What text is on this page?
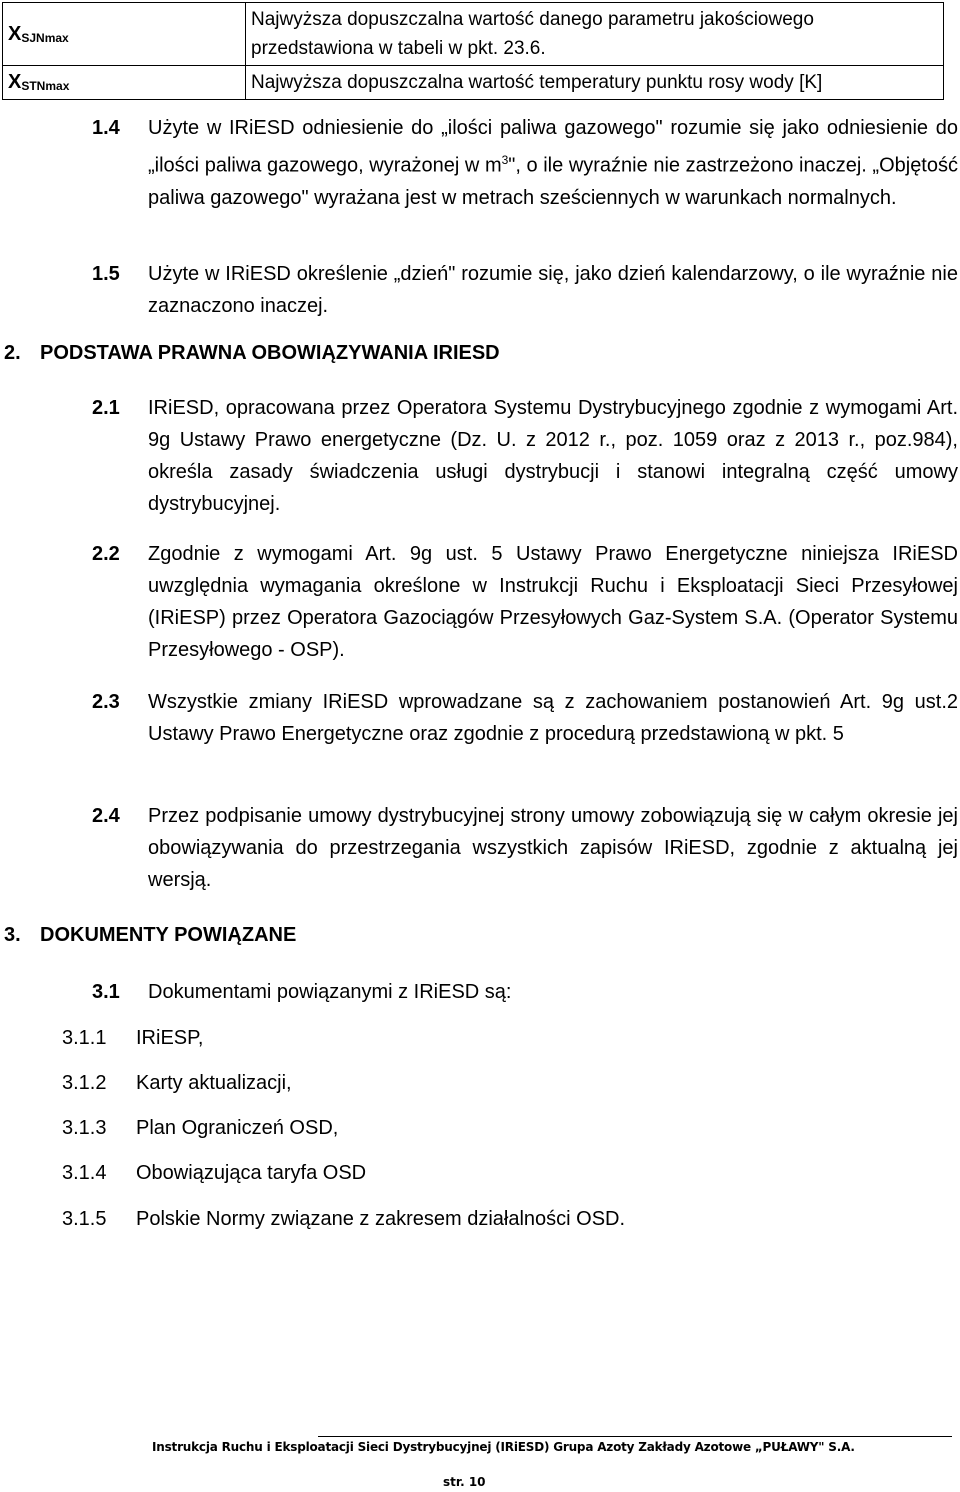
$X_{SJNmax}$	Najwyższa dopuszczalna wartość danego parametru jakościowego przedstawiona w tabeli w pkt. 23.6.
$X_{STNmax}$	Najwyższa dopuszczalna wartość temperatury punktu rosy wody [K]
1.4 Użyte w IRiESD odniesienie do „ilości paliwa gazowego" rozumie się jako odniesienie do „ilości paliwa gazowego, wyrażonej w $m^3$", o ile wyraźnie nie zastrzeżono inaczej. „Objętość paliwa gazowego" wyrażana jest w metrach sześciennych w warunkach normalnych.
1.5 Użyte w IRiESD określenie „dzień" rozumie się, jako dzień kalendarzowy, o ile wyraźnie nie zaznaczono inaczej.
2. PODSTAWA PRAWNA OBOWIĄZYWANIA IRIESD
2.1 IRiESD, opracowana przez Operatora Systemu Dystrybucyjnego zgodnie z wymogami Art. 9g Ustawy Prawo energetyczne (Dz. U. z 2012 r., poz. 1059 oraz z 2013 r., poz.984), określa zasady świadczenia usługi dystrybucji i stanowi integralną część umowy dystrybucyjnej.
2.2 Zgodnie z wymogami Art. 9g ust. 5 Ustawy Prawo Energetyczne niniejsza IRiESD uwzględnia wymagania określone w Instrukcji Ruchu i Eksploatacji Sieci Przesyłowej (IRiESP) przez Operatora Gazociągów Przesyłowych Gaz-System S.A. (Operator Systemu Przesyłowego - OSP).
2.3 Wszystkie zmiany IRiESD wprowadzane są z zachowaniem postanowień Art. 9g ust.2 Ustawy Prawo Energetyczne oraz zgodnie z procedurą przedstawioną w pkt. 5
2.4 Przez podpisanie umowy dystrybucyjnej strony umowy zobowiązują się w całym okresie jej obowiązywania do przestrzegania wszystkich zapisów IRiESD, zgodnie z aktualną jej wersją.
3. DOKUMENTY POWIĄZANE
3.1 Dokumentami powiązanymi z IRiESD są:
3.1.1 IRiESP,
3.1.2 Karty aktualizacji,
3.1.3 Plan Ograniczeń OSD,
3.1.4 Obowiązująca taryfa OSD
3.1.5 Polskie Normy związane z zakresem działalności OSD.
Instrukcja Ruchu i Eksploatacji Sieci Dystrybucyjnej (IRiESD) Grupa Azoty Zakłady Azotowe „PUŁAWY" S.A.
str. 10
